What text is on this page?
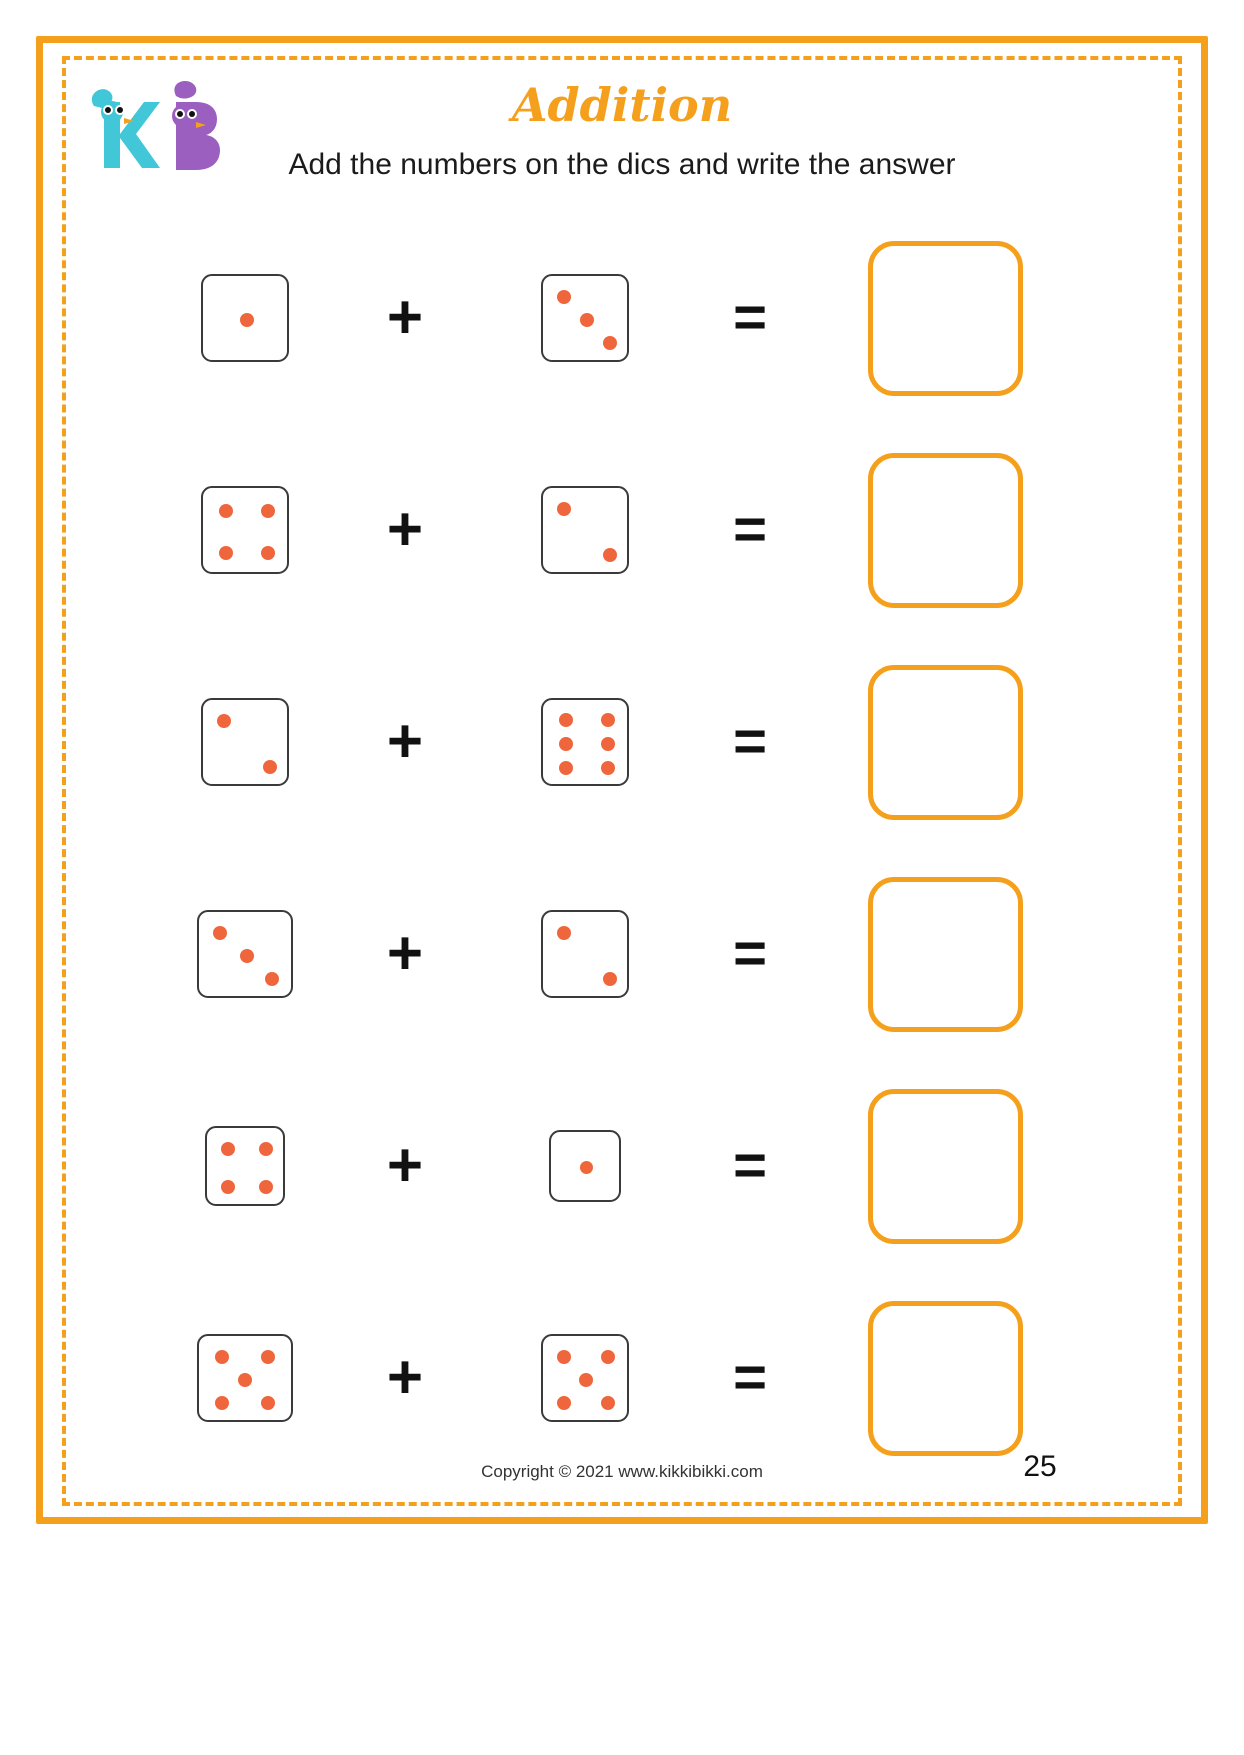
Addition
Add the numbers on the dics and write the answer
+	=
+	=
+	=
+	=
+	=
+	=
Copyright © 2021 www.kikkibikki.com	25
